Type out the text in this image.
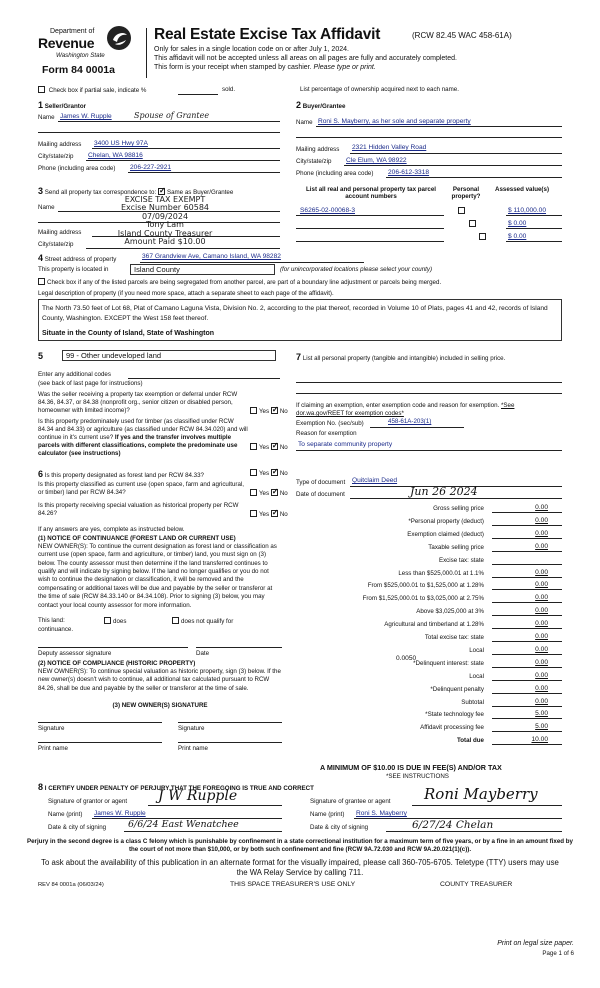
Department of
Revenue
Washington State
Form 84 0001a
Real Estate Excise Tax Affidavit	(RCW 82.45 WAC 458-61A)
Only for sales in a single location code on or after July 1, 2024.
This affidavit will not be accepted unless all areas on all pages are fully and accurately completed.
This form is your receipt when stamped by cashier. Please type or print.
Check box if partial sale, indicate %	sold.	List percentage of ownership acquired next to each name.
1 Seller/Grantor
Name James W. Rupple	Spouse of Grantee
Mailing address 3400 US Hwy 97A
City/state/zip Chelan, WA 98816
Phone (including area code) 206-227-2921
2 Buyer/Grantee
Name Roni S. Mayberry, as her sole and separate property
Mailing address 2321 Hidden Valley Road
City/state/zip Cle Elum, WA 98922
Phone (including area code) 206-612-3318
3 Send all property tax correspondence to: ✓ Same as Buyer/Grantee
Name
Mailing address
City/state/zip
EXCISE TAX EXEMPT
Excise Number 60584
07/09/2024
Tony Lam
Island County Treasurer
Amount Paid $10.00
List all real and personal property tax parcel account numbers
Personal property?
Assessed value(s)
S6265-02-00068-3
	$ 110,000.00

$ 0.00
$ 0.00
4 Street address of property	367 Grandview Ave, Camano Island, WA 98282
This property is located in	Island County	(for unincorporated locations please select your county)
Check box if any of the listed parcels are being segregated from another parcel, are part of a boundary line adjustment or parcels being merged.
Legal description of property (if you need more space, attach a separate sheet to each page of the affidavit).
The North 73.50 feet of Lot 68, Plat of Camano Laguna Vista, Division No. 2, according to the plat thereof, recorded in Volume 10 of Plats, pages 41 and 42, records of Island County, Washington. EXCEPT the West 158 feet thereof.
Situate in the County of Island, State of Washington
5	99 - Other undeveloped land
Enter any additional codes
(see back of last page for instructions)
Was the seller receiving a property tax exemption or deferral under RCW 84.36, 84.37, or 84.38 (nonprofit org., senior citizen or disabled person, homeowner with limited income)?	Yes ✓ No
Is this property predominately used for timber (as classified under RCW 84.34 and 84.33) or agriculture (as classified under RCW 84.34.020) and will continue in it's current use? If yes and the transfer involves multiple parcels with different classifications, complete the predominate use calculator (see instructions)
Yes ✓ No
6 Is this property designated as forest land per RCW 84.33?	Yes ✓ No
Is this property classified as current use (open space, farm and agricultural, or timber) land per RCW 84.34?	Yes ✓ No
Is this property receiving special valuation as historical property per RCW 84.26?	Yes ✓ No
If any answers are yes, complete as instructed below.
(1) NOTICE OF CONTINUANCE (FOREST LAND OR CURRENT USE)
NEW OWNER(S): To continue the current designation as forest land or classification as current use (open space, farm and agriculture, or timber) land, you must sign on (3) below. The county assessor must then determine if the land transferred continues to qualify and will indicate by signing below. If the land no longer qualifies or you do not wish to continue the designation or classification, it will be removed and the compensating or additional taxes will be due and payable by the seller or transferor at the time of sale (RCW 84.33.140 or 84.34.108). Prior to signing (3) below, you may contact your local county assessor for more information.
This land:	does	does not qualify for
continuance.
Deputy assessor signature	Date
(2) NOTICE OF COMPLIANCE (HISTORIC PROPERTY)
NEW OWNER(S): To continue special valuation as historic property, sign (3) below. If the new owner(s) doesn't wish to continue, all additional tax calculated pursuant to RCW 84.26, shall be due and payable by the seller or transferor at the time of sale.
(3) NEW OWNER(S) SIGNATURE
Signature	Signature
Print name	Print name
7 List all personal property (tangible and intangible) included in selling price.
If claiming an exemption, enter exemption code and reason for exemption. *See dor.wa.gov/REET for exemption codes*
Exemption No. (sec/sub)	458-61A-203(1)
Reason for exemption
To separate community property
Type of document Quitclaim Deed
Date of document	Jun 26 2024
Gross selling price	0.00
*Personal property (deduct)	0.00
Exemption claimed (deduct)	0.00
Taxable selling price	0.00
Excise tax: state
Less than $525,000.01 at 1.1%	0.00
From $525,000.01 to $1,525,000 at 1.28%	0.00
From $1,525,000.01 to $3,025,000 at 2.75%	0.00
Above $3,025,000 at 3%	0.00
Agricultural and timberland at 1.28%	0.00
Total excise tax: state	0.00
Local	0.00
*Delinquent interest: state	0.00
Local	0.00
*Delinquent penalty	0.00
Subtotal	0.00
*State technology fee	5.00
Affidavit processing fee	5.00
Total due	10.00
0.0050
A MINIMUM OF $10.00 IS DUE IN FEE(S) AND/OR TAX
*SEE INSTRUCTIONS
8 I CERTIFY UNDER PENALTY OF PERJURY THAT THE FOREGOING IS TRUE AND CORRECT
Signature of grantor or agent J W Rupple
Name (print) James W. Rupple
Date & city of signing 6/6/24 East Wenatchee
Signature of grantee or agent Roni Mayberry
Name (print) Roni S. Mayberry
Date & city of signing	6/27/24 Chelan
Perjury in the second degree is a class C felony which is punishable by confinement in a state correctional institution for a maximum term of five years, or by a fine in an amount fixed by the court of not more than $10,000, or by both such confinement and fine (RCW 9A.72.030 and RCW 9A.20.021(1)(c)).
To ask about the availability of this publication in an alternate format for the visually impaired, please call 360-705-6705. Teletype (TTY) users may use the WA Relay Service by calling 711.
REV 84 0001a (06/03/24)	THIS SPACE TREASURER'S USE ONLY	COUNTY TREASURER
Print on legal size paper.
Page 1 of 6
